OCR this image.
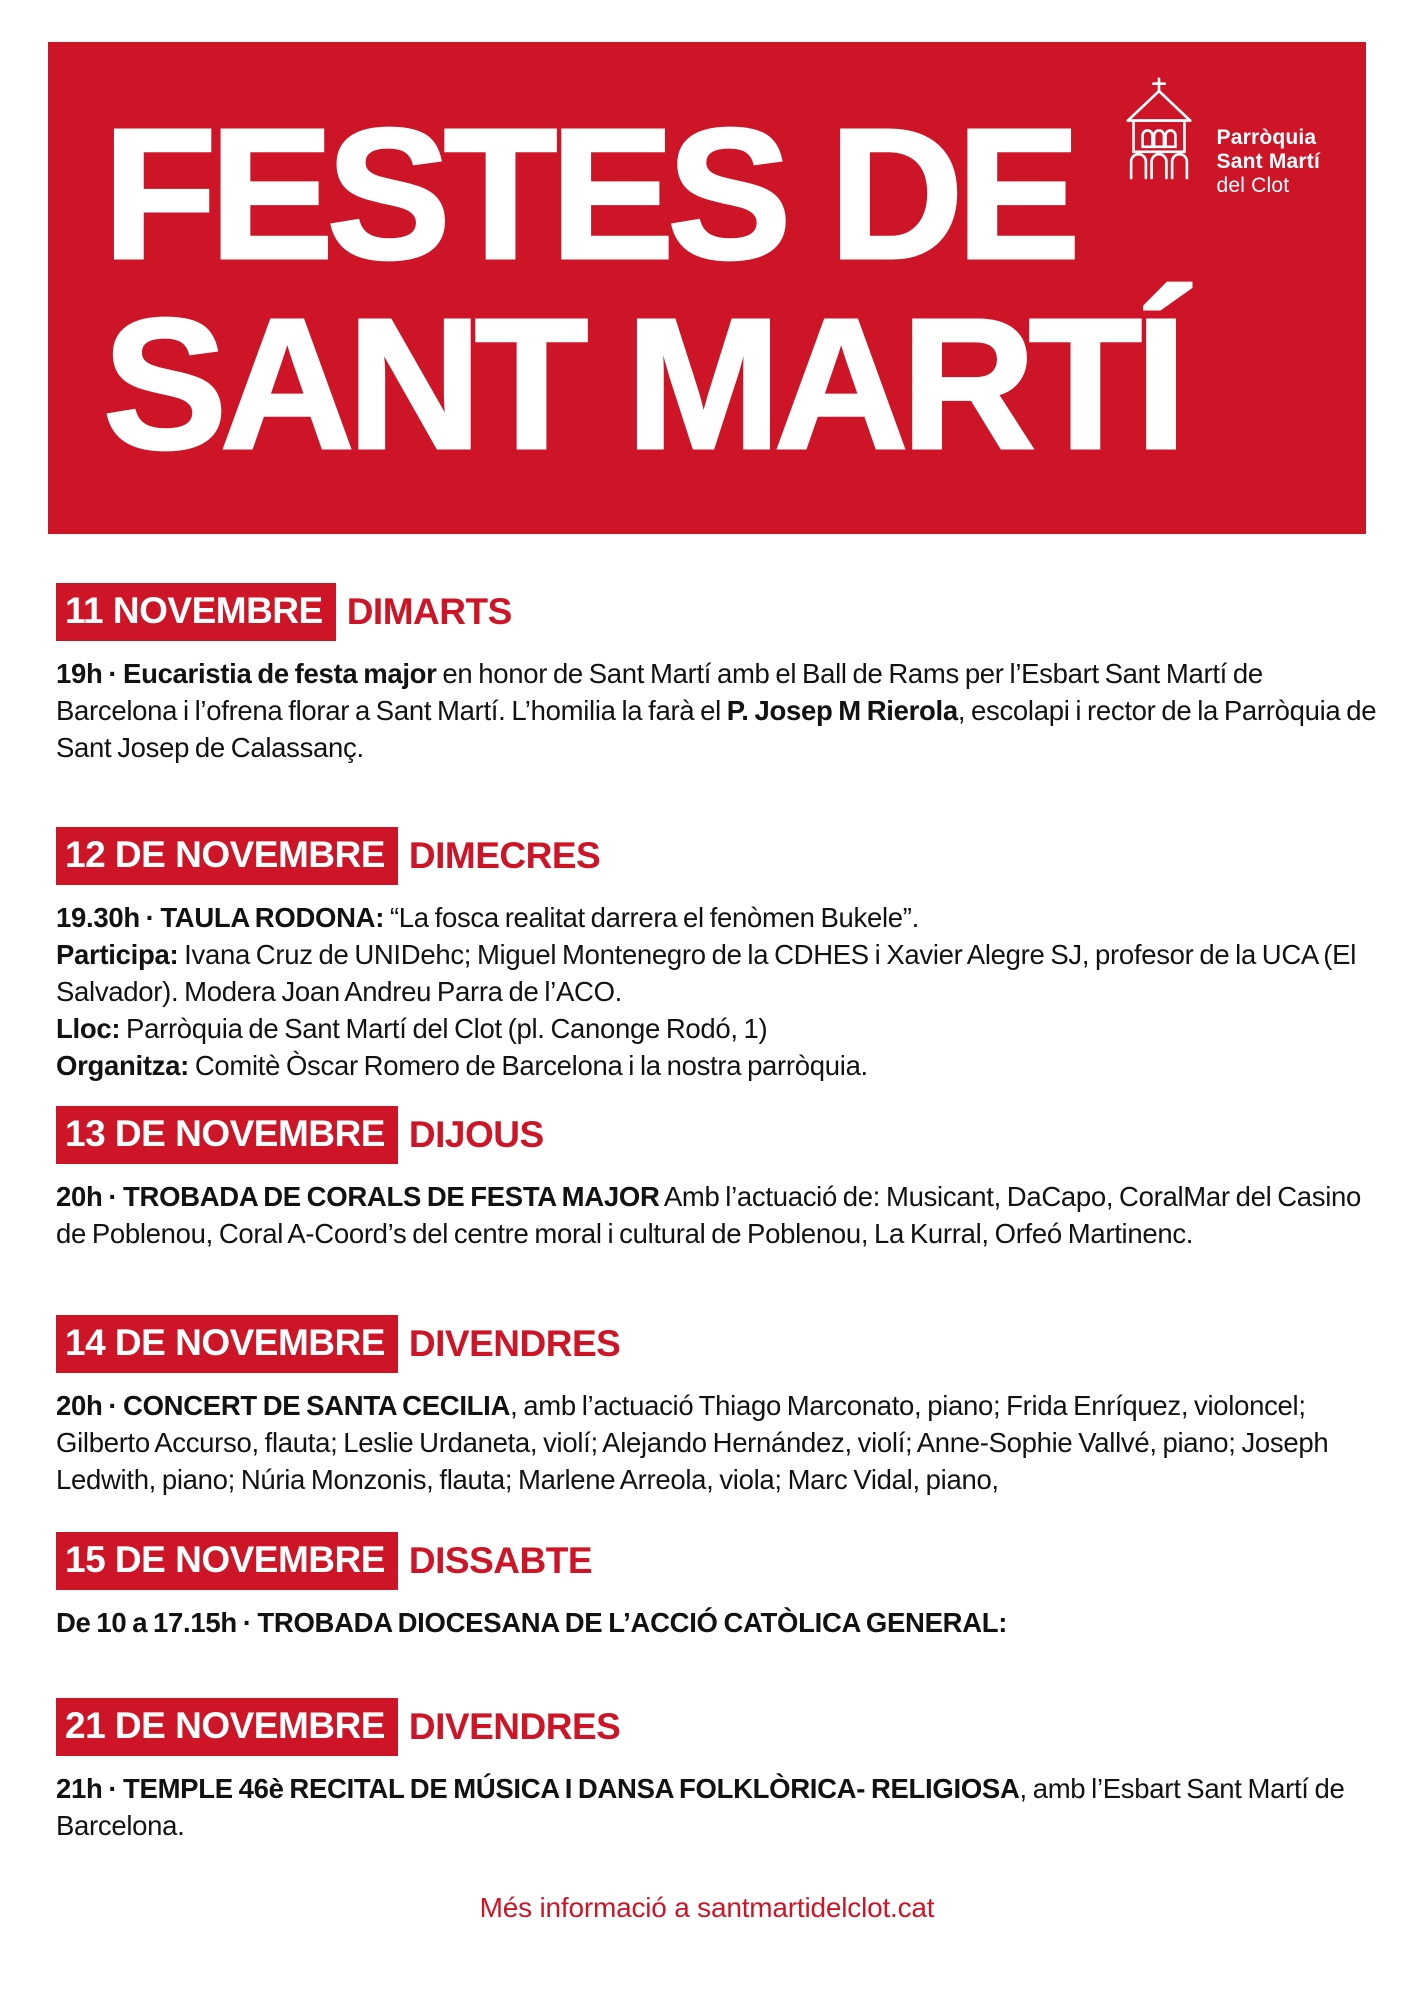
FESTES DE
SANT MARTÍ
Parròquia
Sant Martí
del Clot
11 NOVEMBRE DIMARTS

19h · Eucaristia de festa major en honor de Sant Martí amb el Ball de Rams per l’Esbart Sant Martí de Barcelona i l’ofrena florar a Sant Martí. L’homilia la farà el P. Josep M Rierola, escolapi i rector de la Parròquia de Sant Josep de Calassanç.

12 DE NOVEMBRE DIMECRES

19.30h · TAULA RODONA: “La fosca realitat darrera el fenòmen Bukele”.

Participa: Ivana Cruz de UNIDehc; Miguel Montenegro de la CDHES i Xavier Alegre SJ, profesor de la UCA (El Salvador). Modera Joan Andreu Parra de l’ACO.

Lloc: Parròquia de Sant Martí del Clot (pl. Canonge Rodó, 1)

Organitza: Comitè Òscar Romero de Barcelona i la nostra parròquia.

13 DE NOVEMBRE DIJOUS

20h · TROBADA DE CORALS DE FESTA MAJOR Amb l’actuació de: Musicant, DaCapo, CoralMar del Casino de Poblenou, Coral A-Coord’s del centre moral i cultural de Poblenou, La Kurral, Orfeó Martinenc.

14 DE NOVEMBRE DIVENDRES

20h · CONCERT DE SANTA CECILIA, amb l’actuació Thiago Marconato, piano; Frida Enríquez, violoncel; Gilberto Accurso, flauta; Leslie Urdaneta, violí; Alejando Hernández, violí; Anne-Sophie Vallvé, piano; Joseph Ledwith, piano; Núria Monzonis, flauta; Marlene Arreola, viola; Marc Vidal, piano,

15 DE NOVEMBRE DISSABTE

De 10 a 17.15h · TROBADA DIOCESANA DE L’ACCIÓ CATÒLICA GENERAL:

21 DE NOVEMBRE DIVENDRES

21h · TEMPLE 46è RECITAL DE MÚSICA I DANSA FOLKLÒRICA- RELIGIOSA, amb l’Esbart Sant Martí de Barcelona.

Més informació a santmartidelclot.cat
